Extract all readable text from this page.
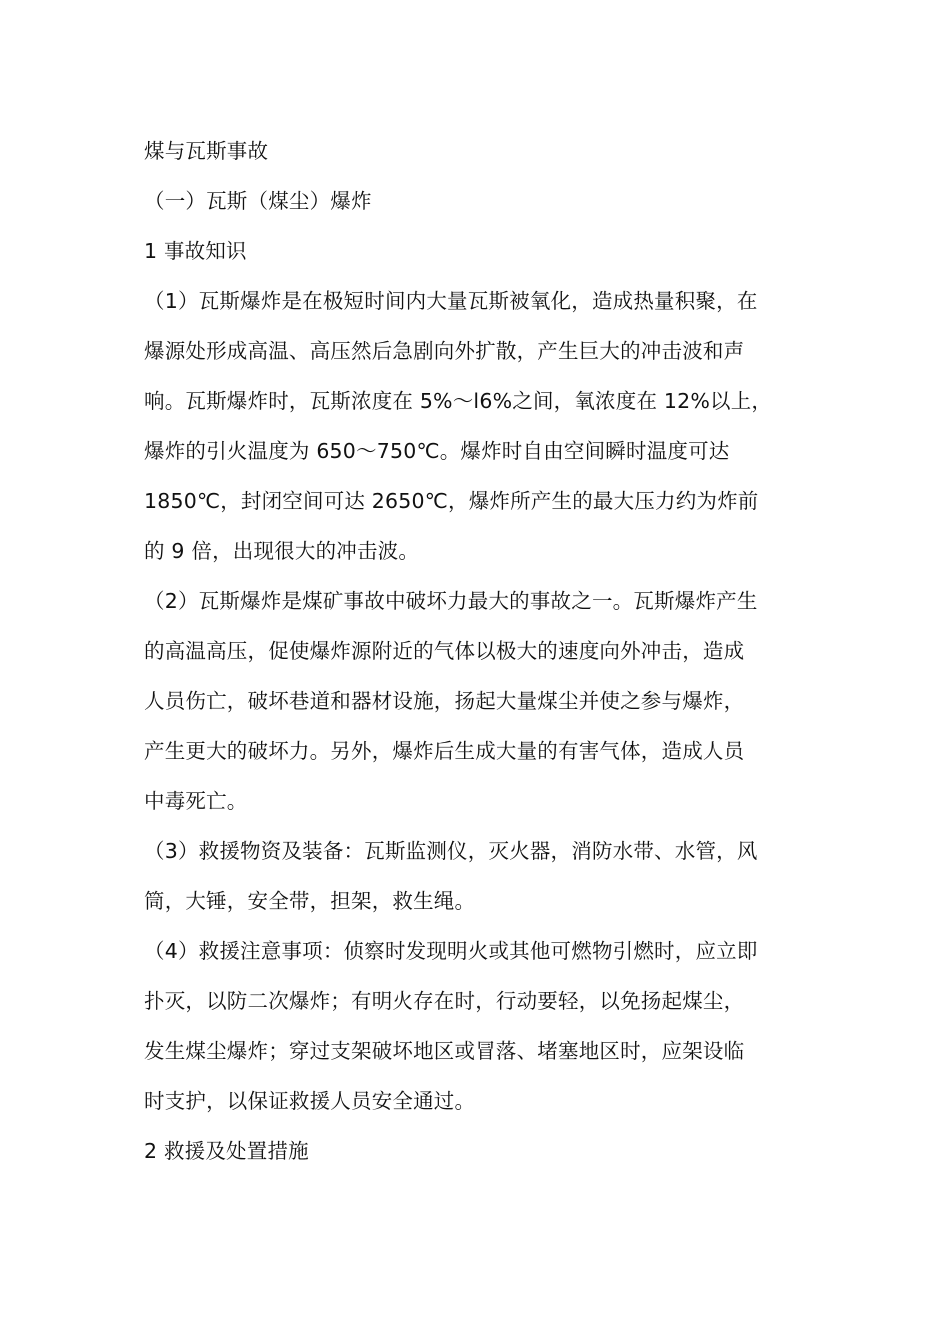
煤与瓦斯事故
（一）瓦斯（煤尘）爆炸
1 事故知识
（1）瓦斯爆炸是在极短时间内大量瓦斯被氧化，造成热量积聚，在
爆源处形成高温、高压然后急剧向外扩散，产生巨大的冲击波和声
响。瓦斯爆炸时，瓦斯浓度在 5%～l6%之间，氧浓度在 12%以上，
爆炸的引火温度为 650～750℃。爆炸时自由空间瞬时温度可达
1850℃，封闭空间可达 2650℃，爆炸所产生的最大压力约为炸前
的 9 倍，出现很大的冲击波。
（2）瓦斯爆炸是煤矿事故中破坏力最大的事故之一。瓦斯爆炸产生
的高温高压，促使爆炸源附近的气体以极大的速度向外冲击，造成
人员伤亡，破坏巷道和器材设施，扬起大量煤尘并使之参与爆炸，
产生更大的破坏力。另外，爆炸后生成大量的有害气体，造成人员
中毒死亡。
（3）救援物资及装备：瓦斯监测仪，灭火器，消防水带、水管，风
筒，大锤，安全带，担架，救生绳。
（4）救援注意事项：侦察时发现明火或其他可燃物引燃时，应立即
扑灭，以防二次爆炸；有明火存在时，行动要轻，以免扬起煤尘，
发生煤尘爆炸；穿过支架破坏地区或冒落、堵塞地区时，应架设临
时支护，以保证救援人员安全通过。
2 救援及处置措施
